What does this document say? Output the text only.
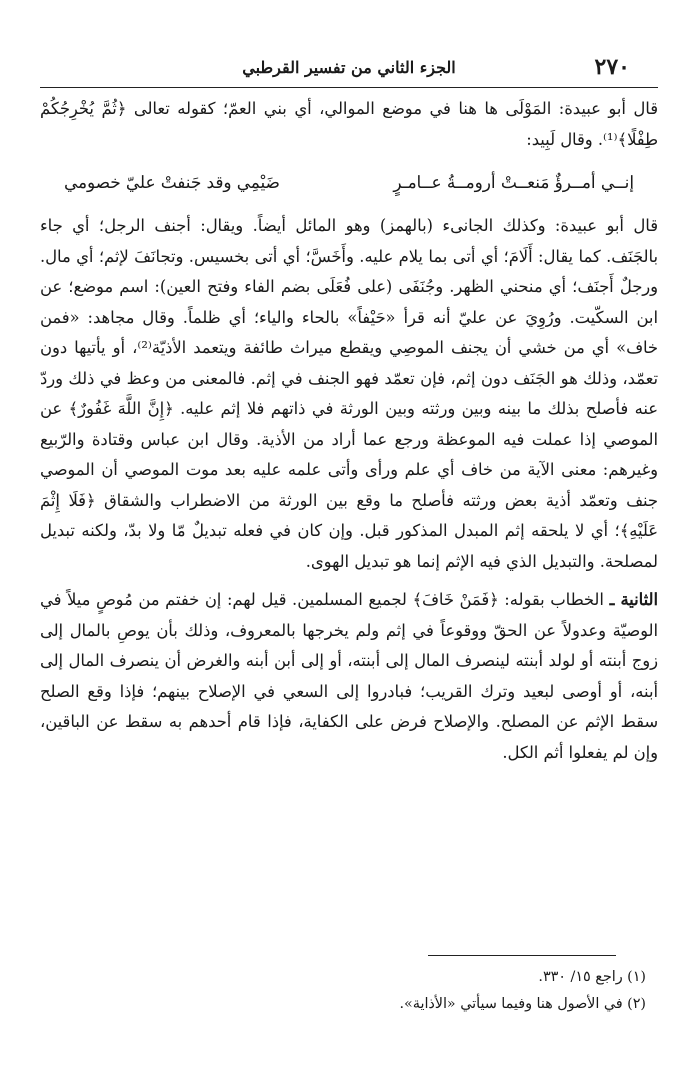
٢٧٠
الجزء الثاني من تفسير القرطبي

قال أبو عبيدة: المَوْلَى ها هنا في موضع الموالي، أي بني العمّ؛ كقوله تعالى ﴿ثُمَّ يُخْرِجُكُمْ طِفْلًا﴾⁽¹⁾. وقال لَبِيد:

إنــي أمــرؤٌ مَنعــتْ أرومــةُ عــامـرٍ
ضَيْمِي وقد جَنفتْ عليّ خصومي

قال أبو عبيدة: وكذلك الجانىء (بالهمز) وهو المائل أيضاً. ويقال: أجنف الرجل؛ أي جاء بالجَنَف. كما يقال: أَلَامَ؛ أي أتى بما يلام عليه. وأَخَسَّ؛ أي أتى بخسيس. وتجانَفَ لإثم؛ أي مال. ورجلٌ أَجنَف؛ أي منحني الظهر. وجُنَفَى (على فُعَلَى بضم الفاء وفتح العين): اسم موضع؛ عن ابن السكّيت. ورُوِيَ عن عليّ أنه قرأ «حَيْفاً» بالحاء والياء؛ أي ظلماً. وقال مجاهد: «فمن خاف» أي من خشي أن يجنف الموصِي ويقطع ميراث طائفة ويتعمد الأذيّة⁽²⁾، أو يأتيها دون تعمّد، وذلك هو الجَنَف دون إثم، فإن تعمّد فهو الجنف في إثم. فالمعنى من وعظ في ذلك وردّ عنه فأصلح بذلك ما بينه وبين ورثته وبين الورثة في ذاتهم فلا إثم عليه. ﴿إِنَّ اللَّهَ غَفُورٌ﴾ عن الموصي إذا عملت فيه الموعظة ورجع عما أراد من الأذية. وقال ابن عباس وقتادة والرّبيع وغيرهم: معنى الآية من خاف أي علم ورأى وأتى علمه عليه بعد موت الموصي أن الموصي جنف وتعمّد أذية بعض ورثته فأصلح ما وقع بين الورثة من الاضطراب والشقاق ﴿فَلَا إِثْمَ عَلَيْهِ﴾؛ أي لا يلحقه إثم المبدل المذكور قبل. وإن كان في فعله تبديلٌ مّا ولا بدّ، ولكنه تبديل لمصلحة. والتبديل الذي فيه الإثم إنما هو تبديل الهوى.

الثانية ـ الخطاب بقوله: ﴿فَمَنْ خَافَ﴾ لجميع المسلمين. قيل لهم: إن خفتم من مُوصٍ ميلاً في الوصيّة وعدولاً عن الحقّ ووقوعاً في إثم ولم يخرجها بالمعروف، وذلك بأن يوصِ بالمال إلى زوج أبنته أو لولد أبنته لينصرف المال إلى أبنته، أو إلى أبن أبنه والغرض أن ينصرف المال إلى أبنه، أو أوصى لبعيد وترك القريب؛ فبادروا إلى السعي في الإصلاح بينهم؛ فإذا وقع الصلح سقط الإثم عن المصلح. والإصلاح فرض على الكفاية، فإذا قام أحدهم به سقط عن الباقين، وإن لم يفعلوا أثم الكل.

(١) راجع ١٥/ ٣٣٠.

(٢) في الأصول هنا وفيما سيأتي «الأذاية».
